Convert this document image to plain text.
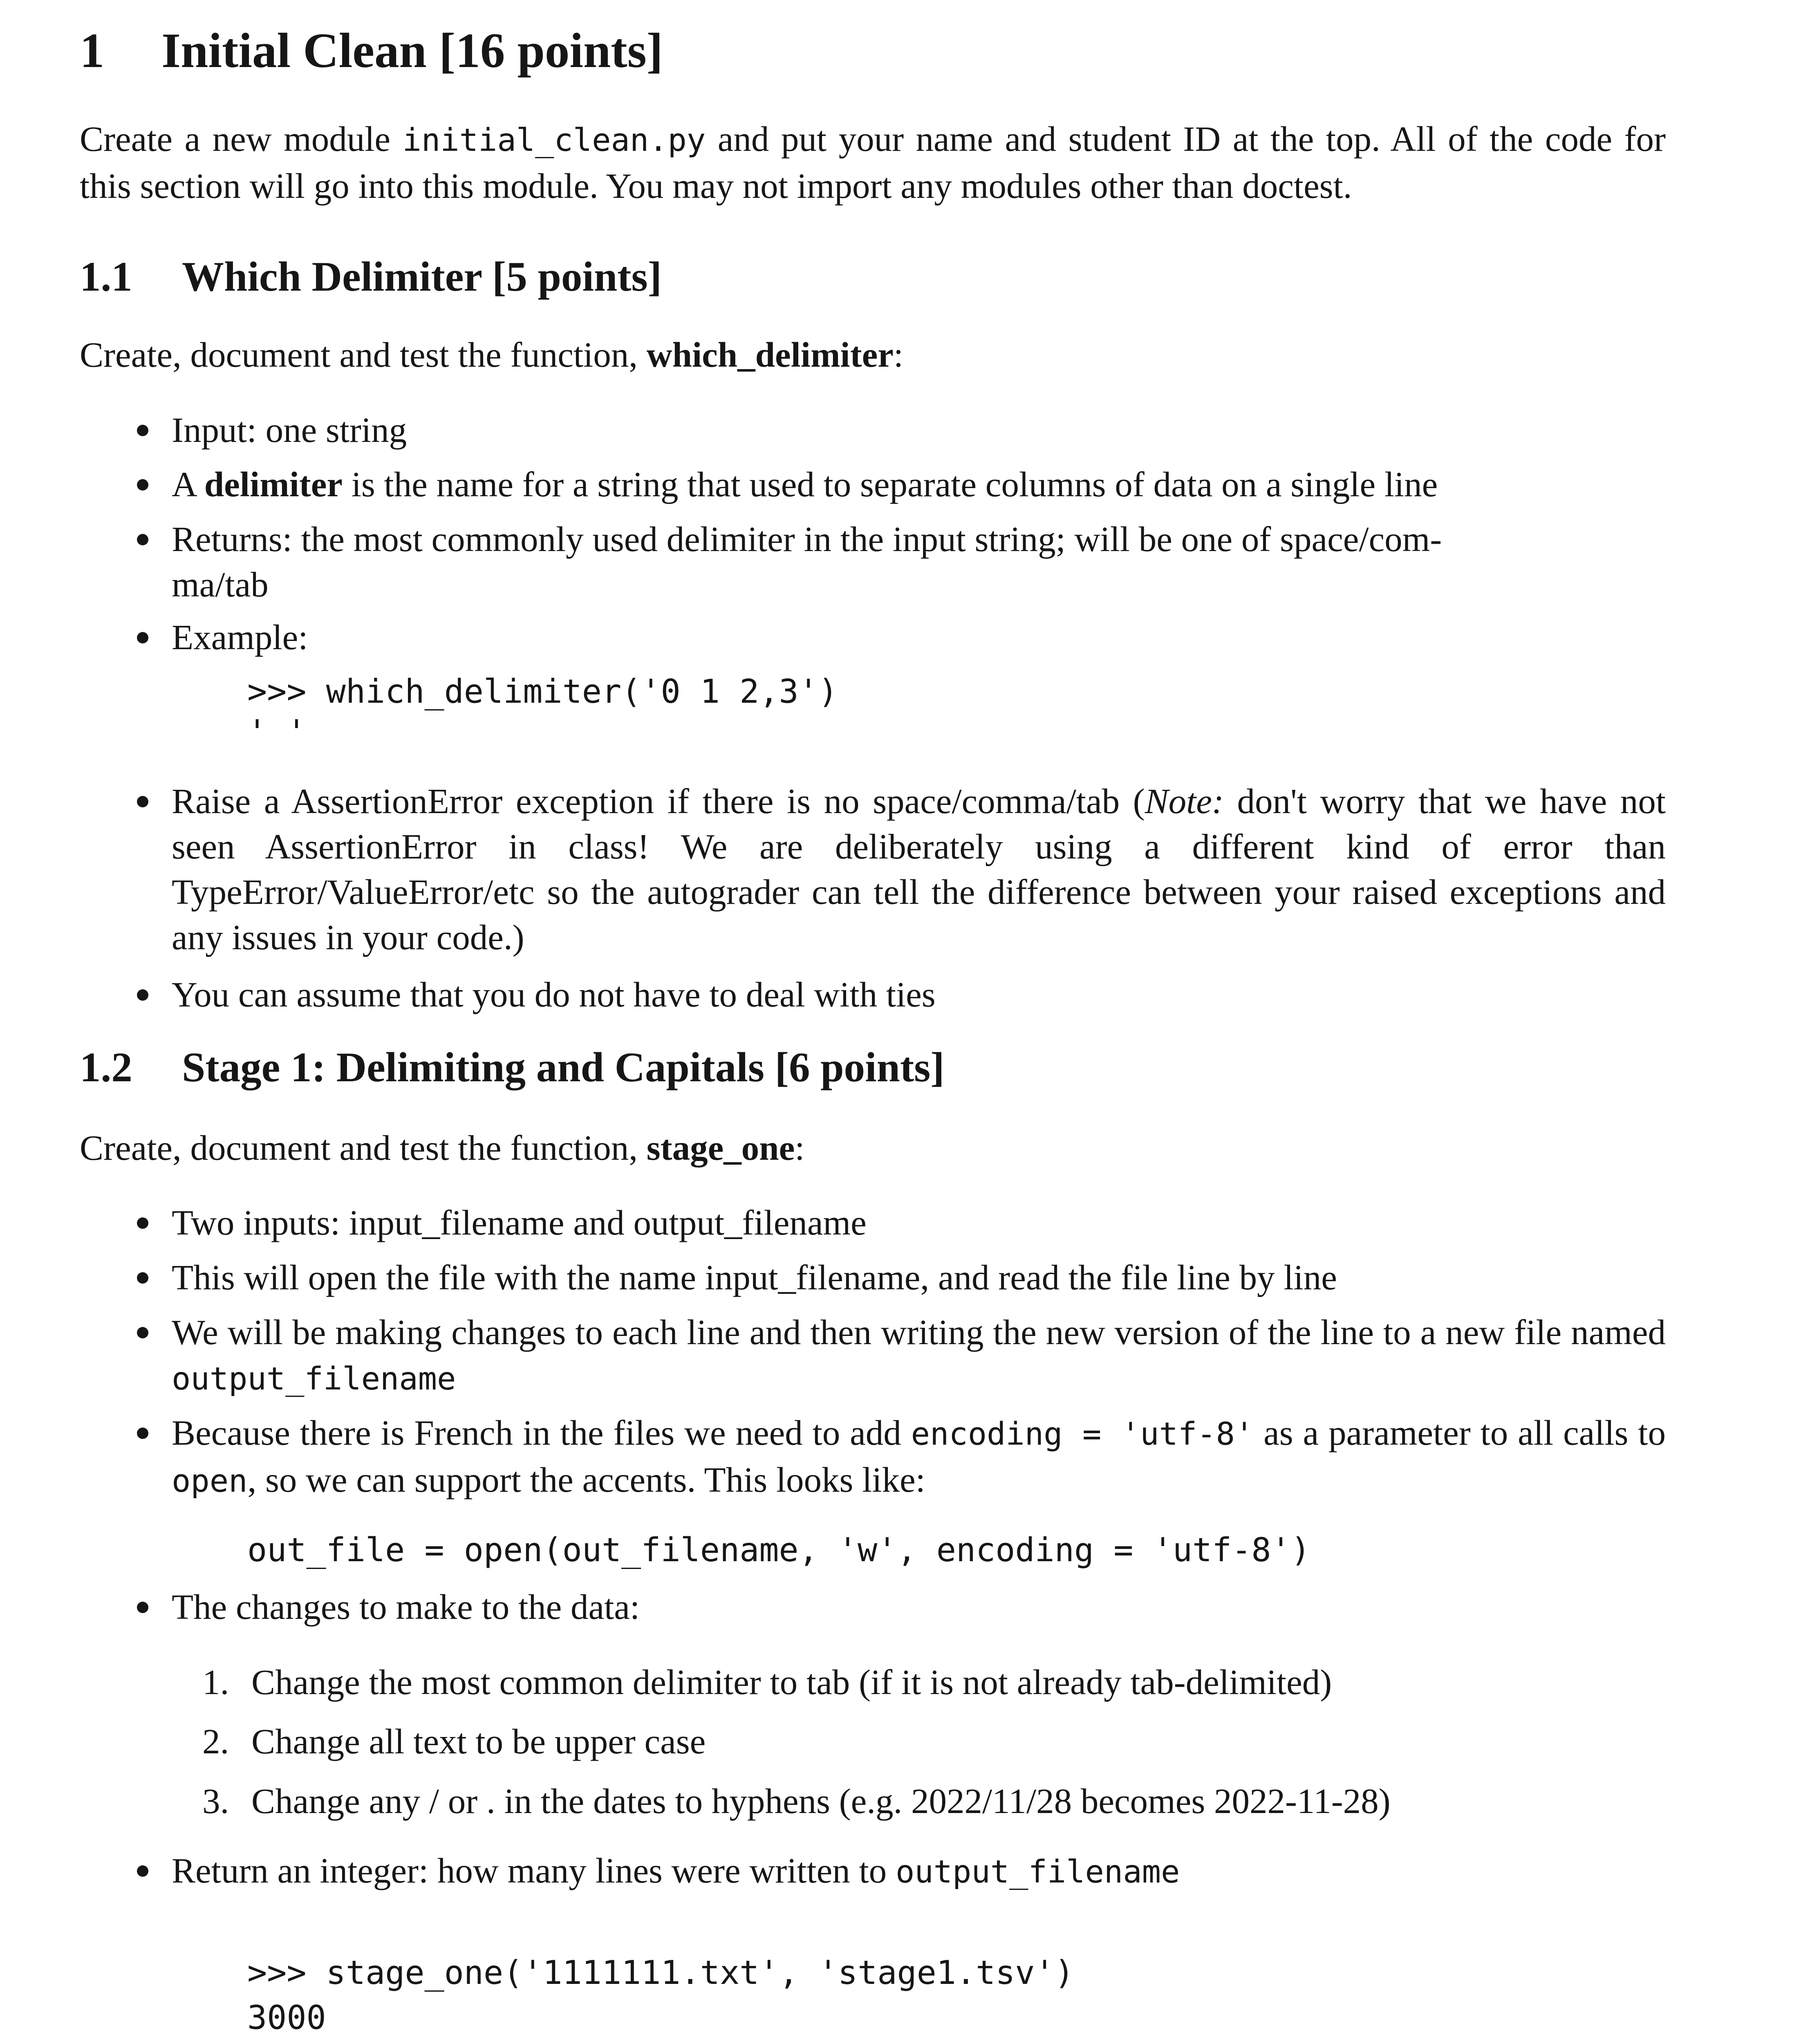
1 Initial Clean [16 points]

Create a new module initial_clean.py and put your name and student ID at the top. All of the code for this section will go into this module. You may not import any modules other than doctest.

1.1 Which Delimiter [5 points]

Create, document and test the function, which_delimiter:

Input: one string

A delimiter is the name for a string that used to separate columns of data on a single line

Returns: the most commonly used delimiter in the input string; will be one of space/com-

ma/tab

Example:

>>> which_delimiter('0 1 2,3')
' '

Raise a AssertionError exception if there is no space/comma/tab (Note: don't worry that we have not seen AssertionError in class! We are deliberately using a different kind of error than TypeError/ValueError/etc so the autograder can tell the difference between your raised exceptions and any issues in your code.)

You can assume that you do not have to deal with ties

1.2 Stage 1: Delimiting and Capitals [6 points]

Create, document and test the function, stage_one:

Two inputs: input_filename and output_filename

This will open the file with the name input_filename, and read the file line by line

We will be making changes to each line and then writing the new version of the line to a new file named output_filename

Because there is French in the files we need to add encoding = 'utf-8' as a parameter to all calls to open, so we can support the accents. This looks like:

out_file = open(out_filename, 'w', encoding = 'utf-8')

The changes to make to the data:

1. Change the most common delimiter to tab (if it is not already tab-delimited)

2. Change all text to be upper case

3. Change any / or . in the dates to hyphens (e.g. 2022/11/28 becomes 2022-11-28)

Return an integer: how many lines were written to output_filename

>>> stage_one('1111111.txt', 'stage1.tsv')
3000
